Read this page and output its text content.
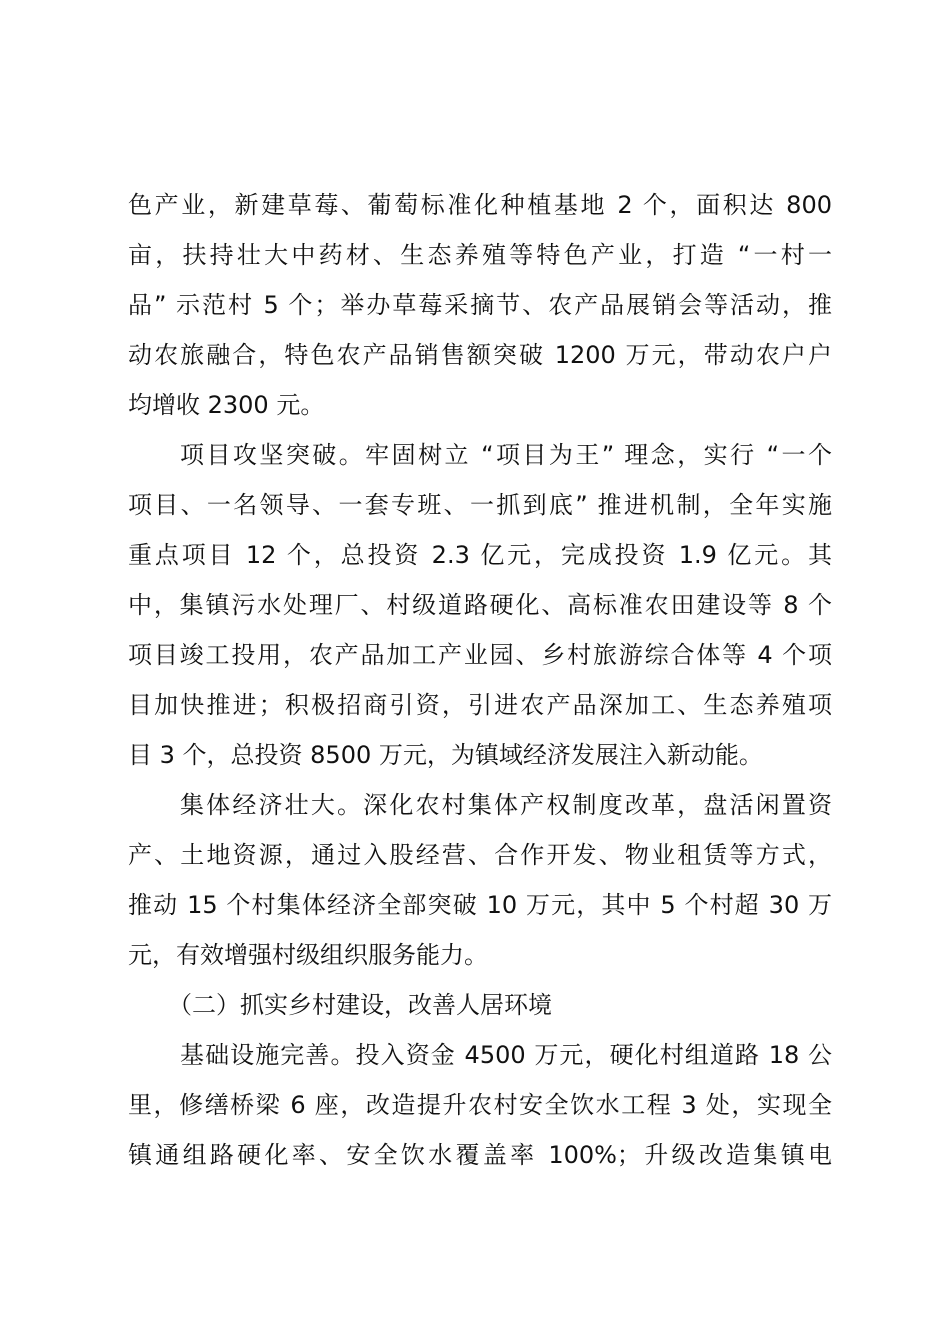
色产业，新建草莓、葡萄标准化种植基地 2 个，面积达 800
亩，扶持壮大中药材、生态养殖等特色产业，打造 “一村一
品” 示范村 5 个；举办草莓采摘节、农产品展销会等活动，推
动农旅融合，特色农产品销售额突破 1200 万元，带动农户户
均增收 2300 元。
项目攻坚突破。牢固树立 “项目为王” 理念，实行 “一个
项目、一名领导、一套专班、一抓到底” 推进机制，全年实施
重点项目 12 个，总投资 2.3 亿元，完成投资 1.9 亿元。其
中，集镇污水处理厂、村级道路硬化、高标准农田建设等 8 个
项目竣工投用，农产品加工产业园、乡村旅游综合体等 4 个项
目加快推进；积极招商引资，引进农产品深加工、生态养殖项
目 3 个，总投资 8500 万元，为镇域经济发展注入新动能。
集体经济壮大。深化农村集体产权制度改革，盘活闲置资
产、土地资源，通过入股经营、合作开发、物业租赁等方式，
推动 15 个村集体经济全部突破 10 万元，其中 5 个村超 30 万
元，有效增强村级组织服务能力。
（二）抓实乡村建设，改善人居环境
基础设施完善。投入资金 4500 万元，硬化村组道路 18 公
里，修缮桥梁 6 座，改造提升农村安全饮水工程 3 处，实现全
镇通组路硬化率、安全饮水覆盖率 100%；升级改造集镇电
